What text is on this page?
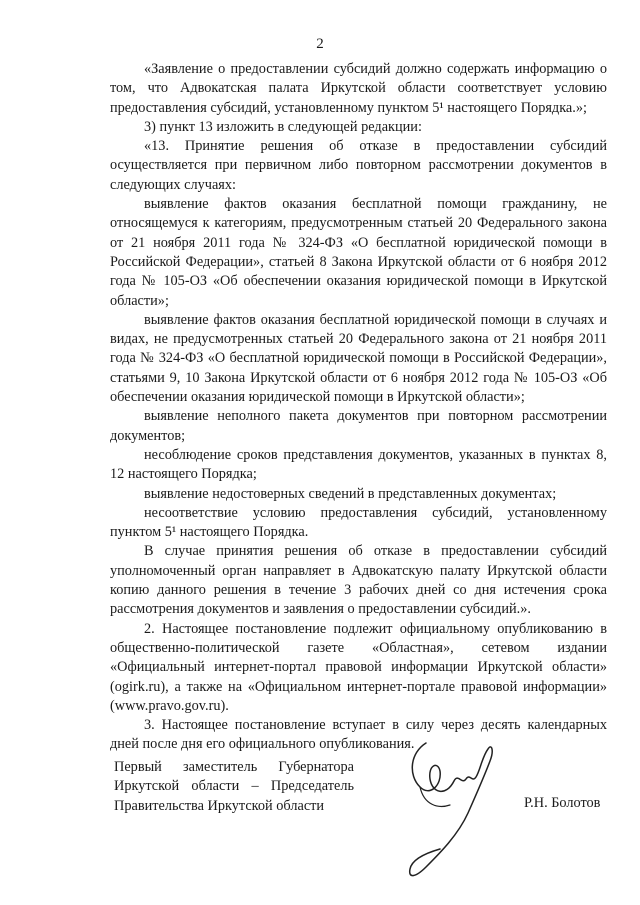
2

«Заявление о предоставлении субсидий должно содержать информацию о том, что Адвокатская палата Иркутской области соответствует условию предоставления субсидий, установленному пунктом 5¹ настоящего Порядка.»;

3) пункт 13 изложить в следующей редакции:

«13. Принятие решения об отказе в предоставлении субсидий осуществляется при первичном либо повторном рассмотрении документов в следующих случаях:

выявление фактов оказания бесплатной помощи гражданину, не относящемуся к категориям, предусмотренным статьей 20 Федерального закона от 21 ноября 2011 года № 324-ФЗ «О бесплатной юридической помощи в Российской Федерации», статьей 8 Закона Иркутской области от 6 ноября 2012 года № 105-ОЗ «Об обеспечении оказания юридической помощи в Иркутской области»;

выявление фактов оказания бесплатной юридической помощи в случаях и видах, не предусмотренных статьей 20 Федерального закона от 21 ноября 2011 года № 324-ФЗ «О бесплатной юридической помощи в Российской Федерации», статьями 9, 10 Закона Иркутской области от 6 ноября 2012 года № 105-ОЗ «Об обеспечении оказания юридической помощи в Иркутской области»;

выявление неполного пакета документов при повторном рассмотрении документов;

несоблюдение сроков представления документов, указанных в пунктах 8, 12 настоящего Порядка;

выявление недостоверных сведений в представленных документах;

несоответствие условию предоставления субсидий, установленному пунктом 5¹ настоящего Порядка.

В случае принятия решения об отказе в предоставлении субсидий уполномоченный орган направляет в Адвокатскую палату Иркутской области копию данного решения в течение 3 рабочих дней со дня истечения срока рассмотрения документов и заявления о предоставлении субсидий.».

2. Настоящее постановление подлежит официальному опубликованию в общественно-политической газете «Областная», сетевом издании «Официальный интернет-портал правовой информации Иркутской области» (ogirk.ru), а также на «Официальном интернет-портале правовой информации» (www.pravo.gov.ru).

3. Настоящее постановление вступает в силу через десять календарных дней после дня его официального опубликования.

Первый заместитель Губернатора
Иркутской области – Председатель
Правительства Иркутской области	Р.Н. Болотов
